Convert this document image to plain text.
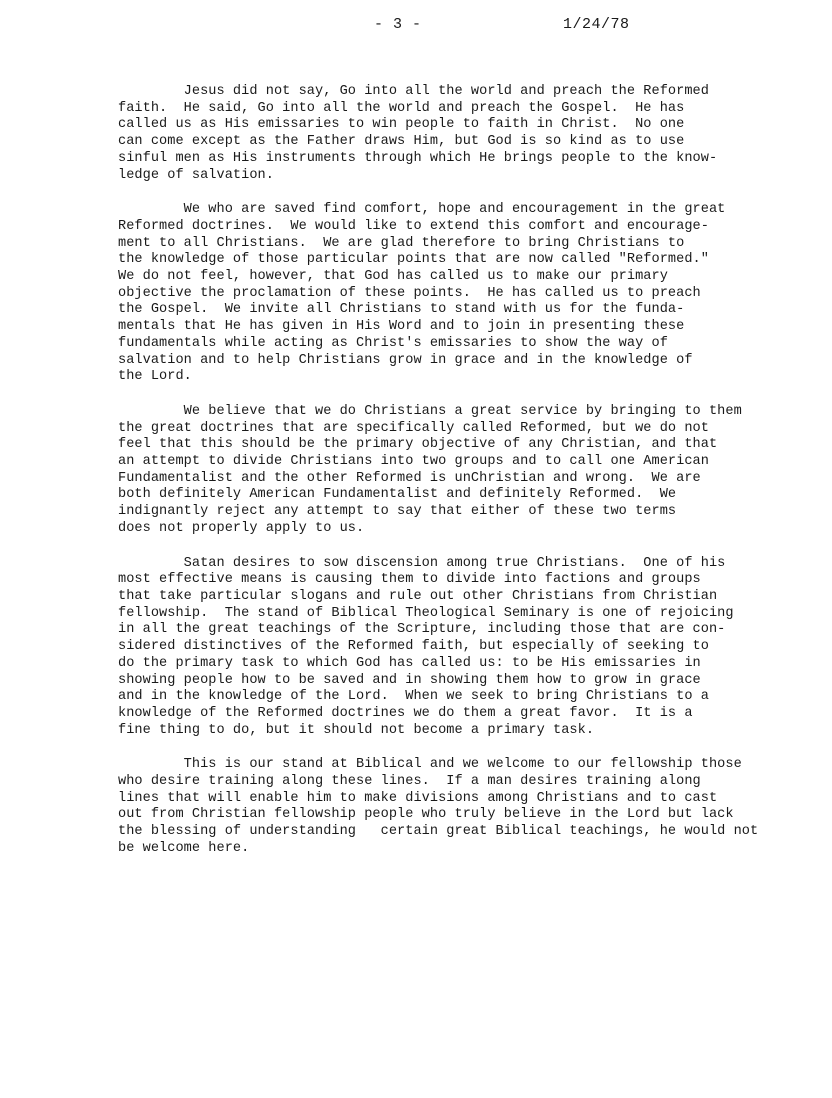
- 3 -	1/24/78

Jesus did not say, Go into all the world and preach the Reformed
faith.  He said, Go into all the world and preach the Gospel.  He has
called us as His emissaries to win people to faith in Christ.  No one
can come except as the Father draws Him, but God is so kind as to use
sinful men as His instruments through which He brings people to the know-
ledge of salvation.

We who are saved find comfort, hope and encouragement in the great
Reformed doctrines.  We would like to extend this comfort and encourage-
ment to all Christians.  We are glad therefore to bring Christians to
the knowledge of those particular points that are now called "Reformed."
We do not feel, however, that God has called us to make our primary
objective the proclamation of these points.  He has called us to preach
the Gospel.  We invite all Christians to stand with us for the funda-
mentals that He has given in His Word and to join in presenting these
fundamentals while acting as Christ's emissaries to show the way of
salvation and to help Christians grow in grace and in the knowledge of
the Lord.

We believe that we do Christians a great service by bringing to them
the great doctrines that are specifically called Reformed, but we do not
feel that this should be the primary objective of any Christian, and that
an attempt to divide Christians into two groups and to call one American
Fundamentalist and the other Reformed is unChristian and wrong.  We are
both definitely American Fundamentalist and definitely Reformed.  We
indignantly reject any attempt to say that either of these two terms
does not properly apply to us.

Satan desires to sow discension among true Christians.  One of his
most effective means is causing them to divide into factions and groups
that take particular slogans and rule out other Christians from Christian
fellowship.  The stand of Biblical Theological Seminary is one of rejoicing
in all the great teachings of the Scripture, including those that are con-
sidered distinctives of the Reformed faith, but especially of seeking to
do the primary task to which God has called us: to be His emissaries in
showing people how to be saved and in showing them how to grow in grace
and in the knowledge of the Lord.  When we seek to bring Christians to a
knowledge of the Reformed doctrines we do them a great favor.  It is a
fine thing to do, but it should not become a primary task.

This is our stand at Biblical and we welcome to our fellowship those
who desire training along these lines.  If a man desires training along
lines that will enable him to make divisions among Christians and to cast
out from Christian fellowship people who truly believe in the Lord but lack
the blessing of understanding   certain great Biblical teachings, he would not
be welcome here.
